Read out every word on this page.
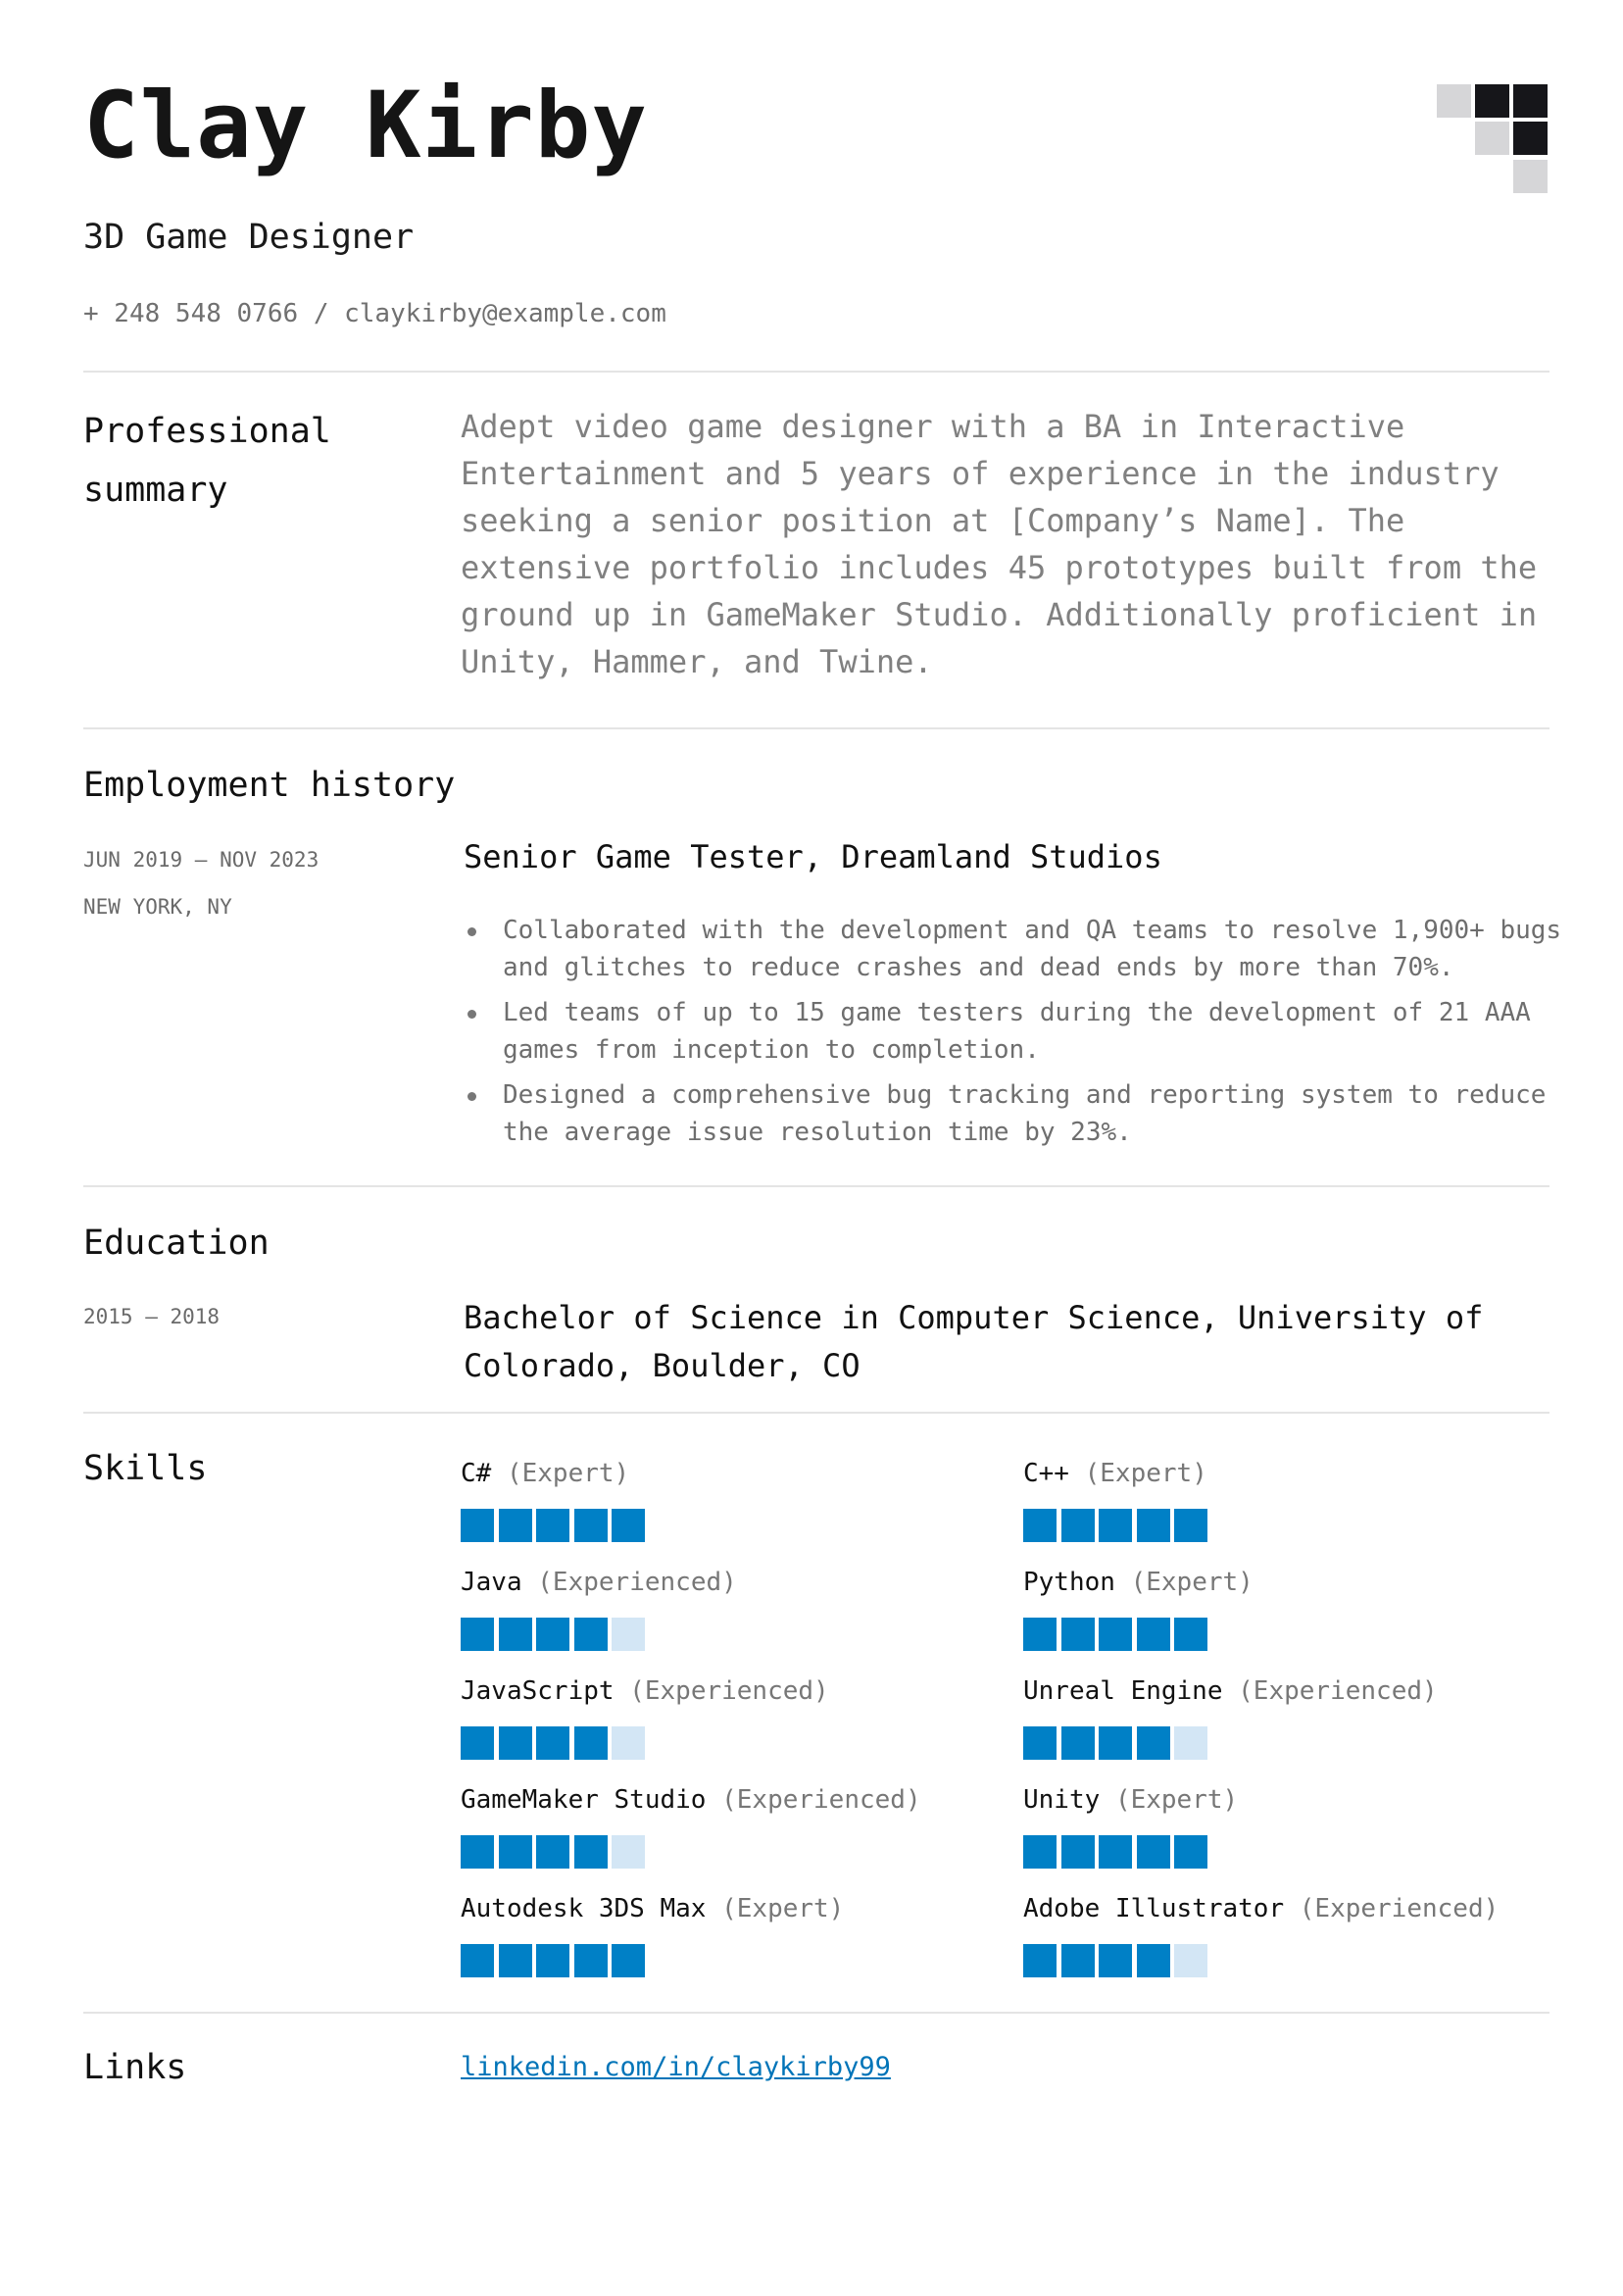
Clay Kirby
3D Game Designer
+ 248 548 0766 / claykirby@example.com
Professional
summary
Adept video game designer with a BA in Interactive Entertainment and 5 years of experience in the industry seeking a senior position at [Company’s Name]. The extensive portfolio includes 45 prototypes built from the ground up in GameMaker Studio. Additionally proficient in Unity, Hammer, and Twine.
Employment history
JUN 2019 — NOV 2023
NEW YORK, NY
Senior Game Tester, Dreamland Studios
Collaborated with the development and QA teams to resolve 1,900+ bugs and glitches to reduce crashes and dead ends by more than 70%.
Led teams of up to 15 game testers during the development of 21 AAA games from inception to completion.
Designed a comprehensive bug tracking and reporting system to reduce the average issue resolution time by 23%.
Education
2015 — 2018	Bachelor of Science in Computer Science, University of Colorado, Boulder, CO
Skills	C# (Expert)	C++ (Expert)
Java (Experienced)	Python (Expert)
JavaScript (Experienced)	Unreal Engine (Experienced)
GameMaker Studio (Experienced)	Unity (Expert)
Autodesk 3DS Max (Expert)	Adobe Illustrator (Experienced)
Links	linkedin.com/in/claykirby99
